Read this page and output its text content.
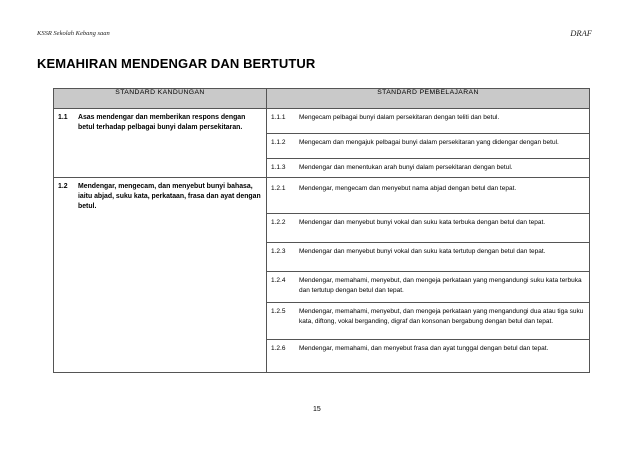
KSSR Sekolah Kebang saan	DRAF
KEMAHIRAN MENDENGAR DAN BERTUTUR
STANDARD KANDUNGAN	STANDARD PEMBELAJARAN

1.1 Asas mendengar dan memberikan respons dengan betul terhadap pelbagai bunyi dalam persekitaran.	1.1.1 Mengecam pelbagai bunyi dalam persekitaran dengan teliti dan betul.

	1.1.2 Mengecam dan mengajuk pelbagai bunyi dalam persekitaran yang didengar dengan betul.

	1.1.3 Mendengar dan menentukan arah bunyi dalam persekitaran dengan betul.

1.2 Mendengar, mengecam, dan menyebut bunyi bahasa, iaitu abjad, suku kata, perkataan, frasa dan ayat dengan betul.	1.2.1 Mendengar, mengecam dan menyebut nama abjad dengan betul dan tepat.

	1.2.2 Mendengar dan menyebut bunyi vokal dan suku kata terbuka dengan betul dan tepat.

	1.2.3 Mendengar dan menyebut bunyi vokal dan suku kata tertutup dengan betul dan tepat.

	1.2.4 Mendengar, memahami, menyebut, dan mengeja perkataan yang mengandungi suku kata terbuka dan tertutup dengan betul dan tepat.

	1.2.5 Mendengar, memahami, menyebut, dan mengeja perkataan yang mengandungi dua atau tiga suku kata, diftong, vokal berganding, digraf dan konsonan bergabung dengan betul dan tepat.

	1.2.6 Mendengar, memahami, dan menyebut frasa dan ayat tunggal dengan betul dan tepat.
15
